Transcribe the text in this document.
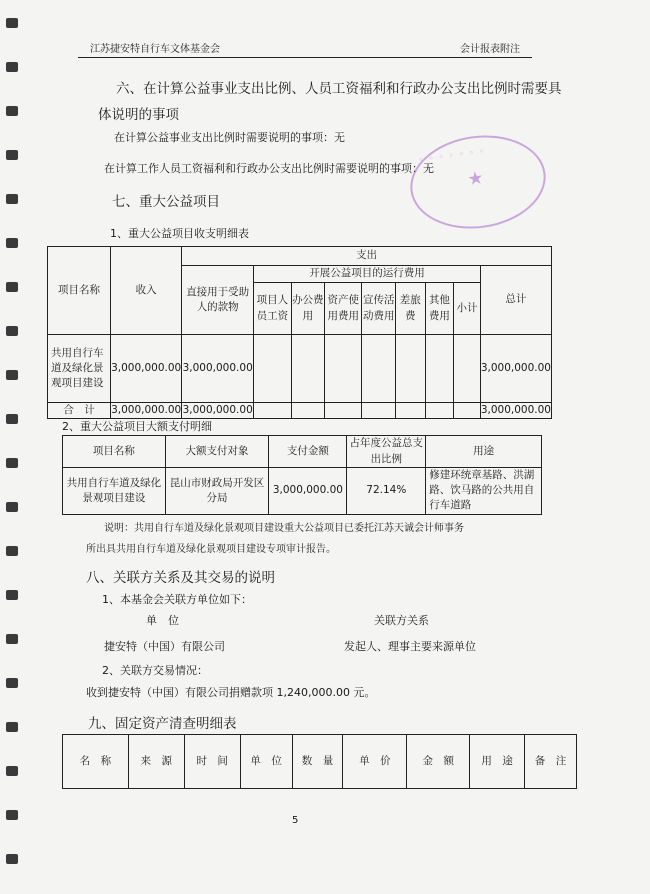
江苏捷安特自行车文体基金会	会计报表附注
六、在计算公益事业支出比例、人员工资福利和行政办公支出比例时需要具
体说明的事项
在计算公益事业支出比例时需要说明的事项：无
在计算工作人员工资福利和行政办公支出比例时需要说明的事项：无
◦ ◦ ◦ ◦ ◦ ◦ ◦
★
七、重大公益项目
1、重大公益项目收支明细表
项目名称	收入	支出								
		直接用于受助人的款物	开展公益项目的运行费用							总计
			项目人员工资	办公费用	资产使用费用	宣传活动费用	差旅费	其他费用	小计	
共用自行车道及绿化景观项目建设	3,000,000.00	3,000,000.00								3,000,000.00
合　计	3,000,000.00	3,000,000.00								3,000,000.00
2、重大公益项目大额支付明细
项目名称	大额支付对象	支付金额	占年度公益总支出比例	用途
共用自行车道及绿化景观项目建设	昆山市财政局开发区分局	3,000,000.00	72.14%	修建环统章基路、洪湖路、饮马路的公共用自行车道路
说明：共用自行车道及绿化景观项目建设重大公益项目已委托江苏天诚会计师事务
所出具共用自行车道及绿化景观项目建设专项审计报告。
八、关联方关系及其交易的说明
1、本基金会关联方单位如下：
单　位	关联方关系
捷安特（中国）有限公司	发起人、理事主要来源单位
2、关联方交易情况：
收到捷安特（中国）有限公司捐赠款项 1,240,000.00 元。
九、固定资产清查明细表
名　称	来　源	时　间	单　位	数　量	单　价	金　额	用　途	备　注
5
